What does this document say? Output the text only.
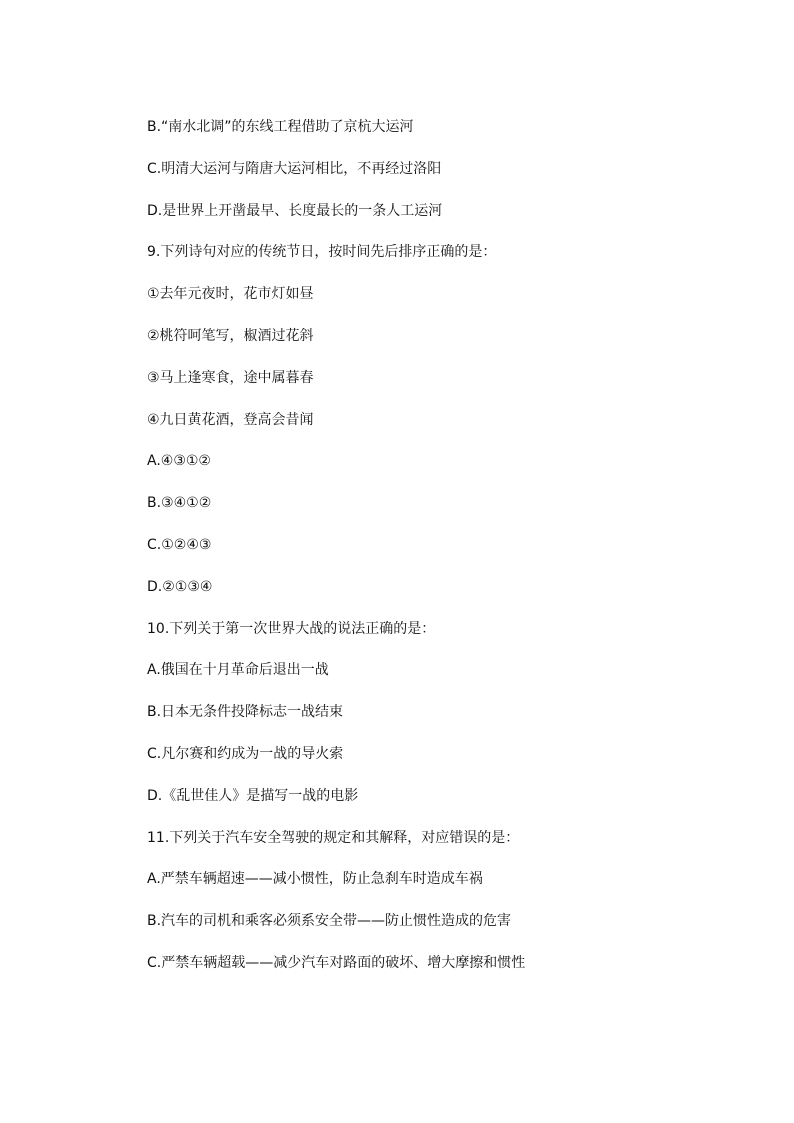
B.“南水北调”的东线工程借助了京杭大运河
C.明清大运河与隋唐大运河相比，不再经过洛阳
D.是世界上开凿最早、长度最长的一条人工运河
9.下列诗句对应的传统节日，按时间先后排序正确的是：
①去年元夜时，花市灯如昼
②桃符呵笔写，椒酒过花斜
③马上逢寒食，途中属暮春
④九日黄花酒，登高会昔闻
A.④③①②
B.③④①②
C.①②④③
D.②①③④
10.下列关于第一次世界大战的说法正确的是：
A.俄国在十月革命后退出一战
B.日本无条件投降标志一战结束
C.凡尔赛和约成为一战的导火索
D.《乱世佳人》是描写一战的电影
11.下列关于汽车安全驾驶的规定和其解释，对应错误的是：
A.严禁车辆超速——减小惯性，防止急刹车时造成车祸
B.汽车的司机和乘客必须系安全带——防止惯性造成的危害
C.严禁车辆超载——减少汽车对路面的破坏、增大摩擦和惯性
